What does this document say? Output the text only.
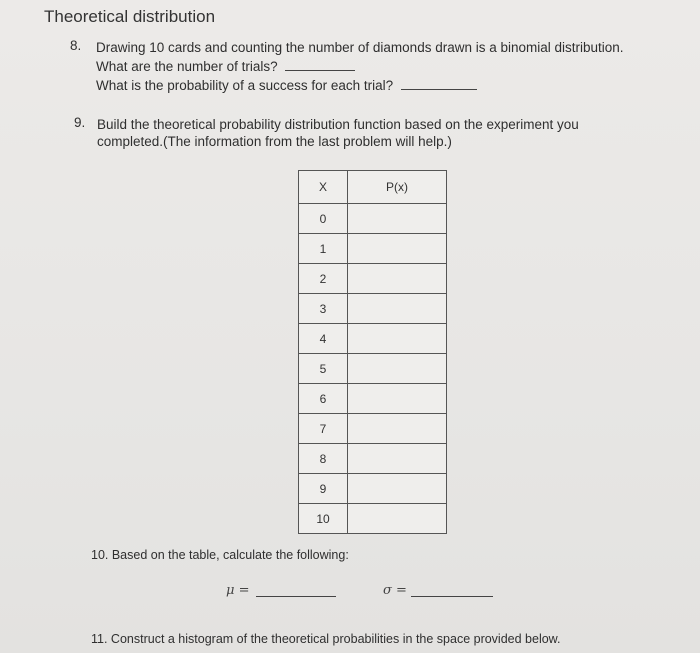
Theoretical distribution
8. Drawing 10 cards and counting the number of diamonds drawn is a binomial distribution.
What are the number of trials?
What is the probability of a success for each trial?
9. Build the theoretical probability distribution function based on the experiment you
completed.(The information from the last problem will help.)
X	P(x)
0	
1	
2	
3	
4	
5	
6	
7	
8	
9	
10	
10. Based on the table, calculate the following:
μ =	σ =
11. Construct a histogram of the theoretical probabilities in the space provided below.
